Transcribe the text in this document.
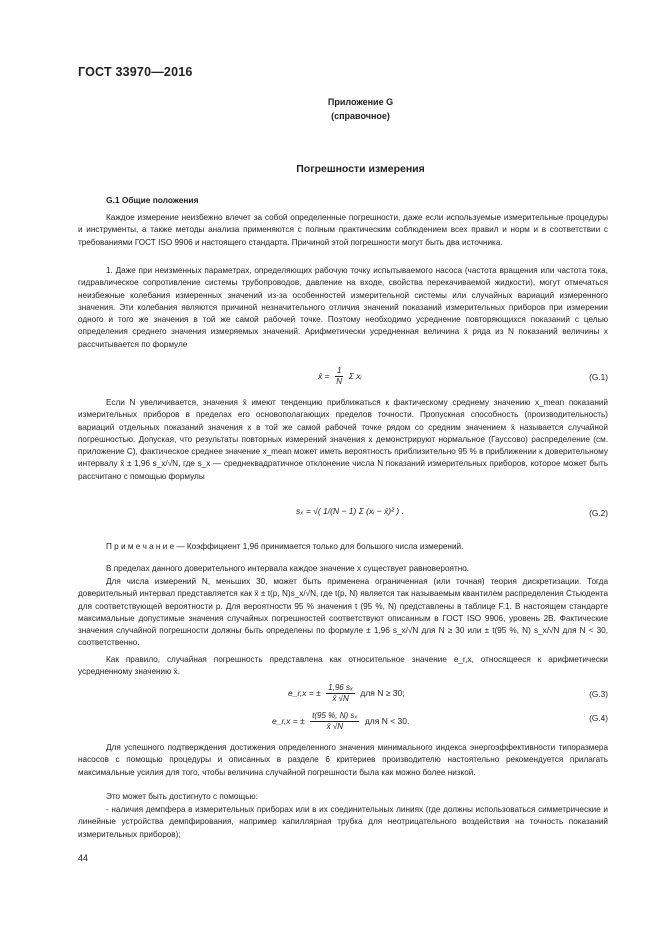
ГОСТ 33970—2016
Приложение G
(справочное)
Погрешности измерения
G.1 Общие положения

Каждое измерение неизбежно влечет за собой определенные погрешности, даже если используемые измерительные процедуры и инструменты, а также методы анализа применяются с полным практическим соблюдением всех правил и норм и в соответствии с требованиями ГОСТ ISO 9906 и настоящего стандарта. Причиной этой погрешности могут быть два источника.

1. Даже при неизменных параметрах, определяющих рабочую точку испытываемого насоса (частота вращения или частота тока, гидравлическое сопротивление системы трубопроводов, давление на входе, свойства перекачиваемой жидкости), могут отмечаться неизбежные колебания измеренных значений из-за особенностей измерительной системы или случайных вариаций измеренного значения. Эти колебания являются причиной незначительного отличия значений показаний измерительных приборов при измерении одного и того же значения в той же самой рабочей точке. Поэтому необходимо усреднение повторяющихся показаний с целью определения среднего значения измеряемых значений. Арифметически усредненная величина x̄ ряда из N показаний величины x рассчитывается по формуле

x̄ = $\frac{1}{N}$ Σ xᵢ	(G.1)

Если N увеличивается, значения x̄ имеют тенденцию приближаться к фактическому среднему значению x_mean показаний измерительных приборов в пределах его основополагающих пределов точности. Пропускная способность (производительность) вариаций отдельных показаний значения x в той же самой рабочей точке рядом со средним значением x̄ называется случайной погрешностью. Допуская, что результаты повторных измерений значения x демонстрируют нормальное (Гауссово) распределение (см. приложение С), фактическое среднее значение x_mean может иметь вероятность приблизительно 95 % в приближении к доверительному интервалу x̄ ± 1,96 s_x/√N, где s_x — среднеквадратичное отклонение числа N показаний измерительных приборов, которое может быть рассчитано с помощью формулы

sₓ = √( 1/(N − 1) Σ (xᵢ − x̄)² ) .	(G.2)

П р и м е ч а н и е — Коэффициент 1,96 принимается только для большого числа измерений.

В пределах данного доверительного интервала каждое значение x существует равновероятно.

Для числа измерений N, меньших 30, может быть применена ограниченная (или точная) теория дискретизации. Тогда доверительный интервал представляется как x̄ ± t(p, N)s_x/√N, где t(p, N) является так называемым квантилем распределения Стьюдента для соответствующей вероятности p. Для вероятности 95 % значения t (95 %, N) представлены в таблице F.1. В настоящем стандарте максимальные допустимые значения случайных погрешностей соответствуют описанным в ГОСТ ISO 9906, уровень 2B. Фактические значения случайной погрешности должны быть определены по формуле ± 1,96 s_x/√N для N ≥ 30 или ± t(95 %, N) s_x/√N для N < 30, соответственно.

Как правило, случайная погрешность представлена как относительное значение e_r,x, относящееся к арифметически усредненному значению x̄.

e_r,x = ± $\frac{\text{1,96 sₓ}}{x̄ √N}$ для N ≥ 30;	(G.3)
e_r,x = ± $\frac{\text{t(95 \%, N) sₓ}}{x̄ √N}$ для N < 30.	(G.4)

Для успешного подтверждения достижения определенного значения минимального индекса энергоэффективности типоразмера насосов с помощью процедуры и описанных в разделе 6 критериев производителю настоятельно рекомендуется прилагать максимальные усилия для того, чтобы величина случайной погрешности была как можно более низкой.

Это может быть достигнуто с помощью:

- наличия демпфера в измерительных приборах или в их соединительных линиях (где должны использоваться симметрические и линейные устройства демпфирования, например капиллярная трубка для неотрицательного воздействия на точность показаний измерительных приборов);

44
